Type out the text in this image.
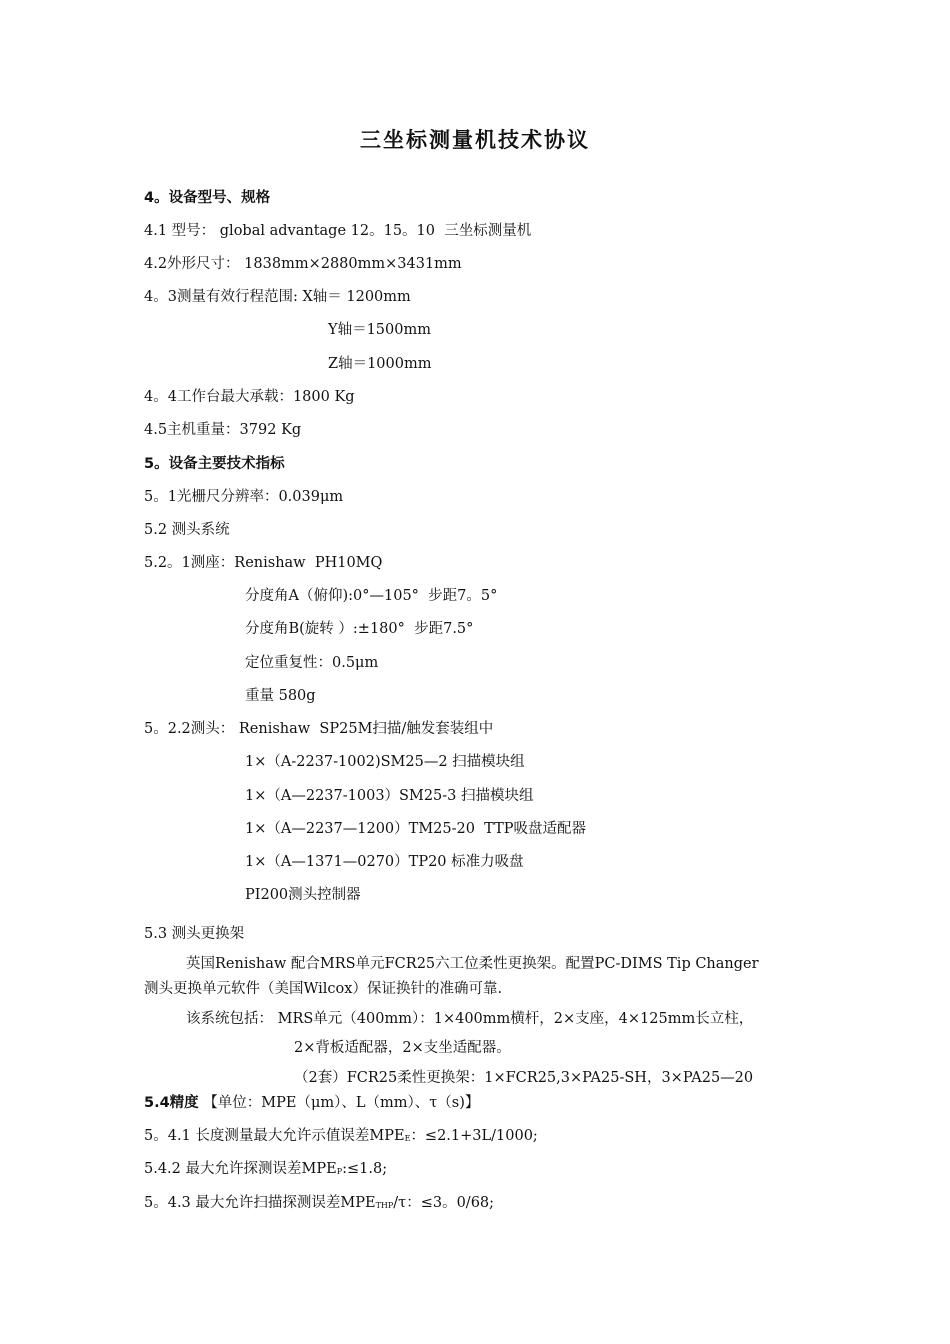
三坐标测量机技术协议
4。设备型号、规格
4.1 型号： global advantage 12。15。10  三坐标测量机
4.2外形尺寸： 1838mm×2880mm×3431mm
4。3测量有效行程范围: X轴＝ 1200mm
Y轴＝1500mm
Z轴＝1000mm
4。4工作台最大承载：1800 Kg
4.5主机重量：3792 Kg
5。设备主要技术指标
5。1光栅尺分辨率：0.039μm
5.2 测头系统
5.2。1测座：Renishaw  PH10MQ
分度角A（俯仰):0°—105°  步距7。5°
分度角B(旋转 ）:±180°  步距7.5°
定位重复性：0.5μm
重量 580g
5。2.2测头： Renishaw  SP25M扫描/触发套装组中
1×（A-2237-1002)SM25—2 扫描模块组
1×（A—2237-1003）SM25-3 扫描模块组
1×（A—2237—1200）TM25-20  TTP吸盘适配器
1×（A—1371—0270）TP20 标准力吸盘
PI200测头控制器
5.3 测头更换架
英国Renishaw 配合MRS单元FCR25六工位柔性更换架。配置PC-DIMS Tip Changer
测头更换单元软件（美国Wilcox）保证换针的准确可靠.
该系统包括： MRS单元（400mm）：1×400mm横杆，2×支座，4×125mm长立柱，
2×背板适配器，2×支坐适配器。
（2套）FCR25柔性更换架：1×FCR25,3×PA25-SH，3×PA25—20
5.4精度 【单位：MPE（μm）、L（mm）、τ（s)】
5。4.1 长度测量最大允许示值误差$MPE_E$：≤2.1+3L/1000;
5.4.2 最大允许探测误差$MPE_P:\le 1.8$;
5。4.3 最大允许扫描探测误差$MPE_{THP}/\tau$：≤3。0/68;
